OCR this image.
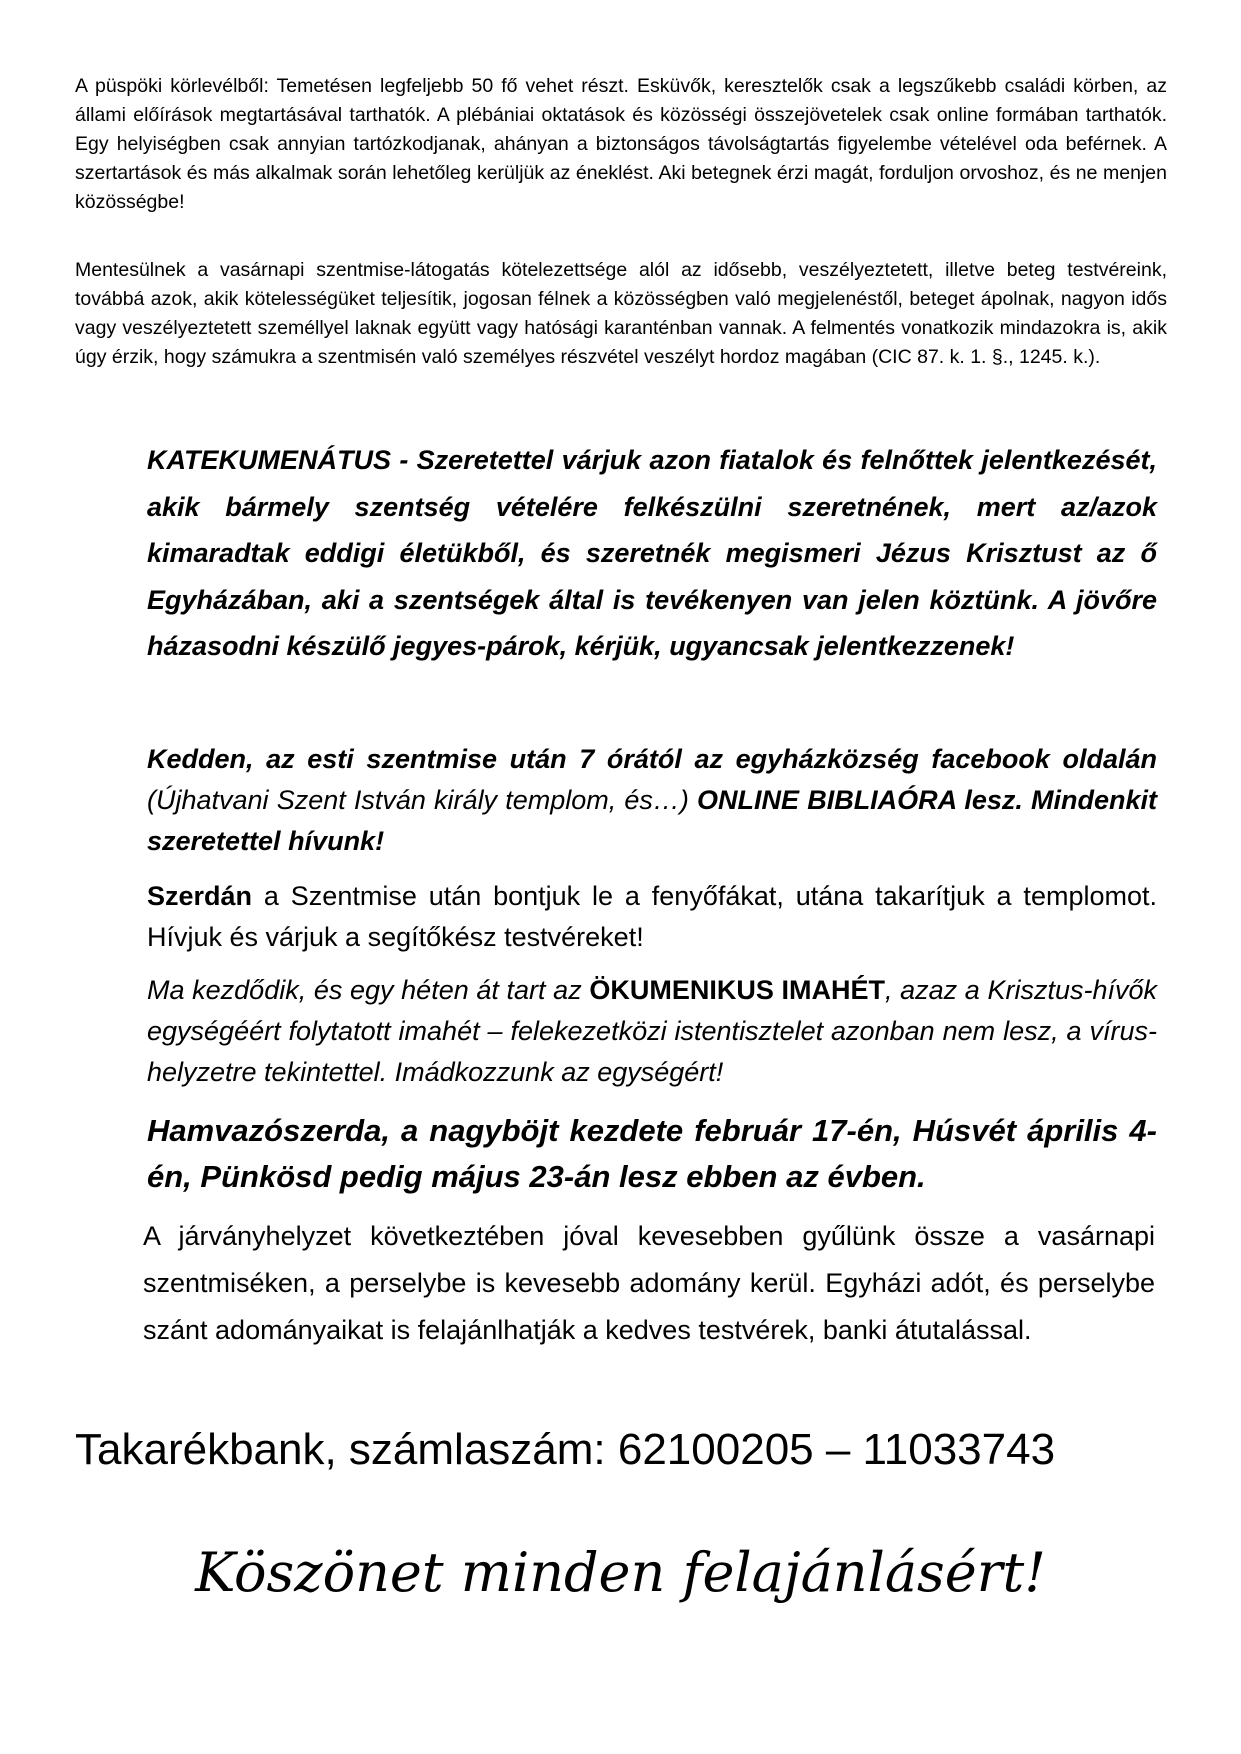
A püspöki körlevélből: Temetésen legfeljebb 50 fő vehet részt. Esküvők, keresztelők csak a legszűkebb családi körben, az állami előírások megtartásával tarthatók. A plébániai oktatások és közösségi összejövetelek csak online formában tarthatók. Egy helyiségben csak annyian tartózkodjanak, ahányan a biztonságos távolságtartás figyelembe vételével oda beférnek. A szertartások és más alkalmak során lehetőleg kerüljük az éneklést. Aki betegnek érzi magát, forduljon orvoshoz, és ne menjen közösségbe!

Mentesülnek a vasárnapi szentmise-látogatás kötelezettsége alól az idősebb, veszélyeztetett, illetve beteg testvéreink, továbbá azok, akik kötelességüket teljesítik, jogosan félnek a közösségben való megjelenéstől, beteget ápolnak, nagyon idős vagy veszélyeztetett személlyel laknak együtt vagy hatósági karanténban vannak. A felmentés vonatkozik mindazokra is, akik úgy érzik, hogy számukra a szentmisén való személyes részvétel veszélyt hordoz magában (CIC 87. k. 1. §., 1245. k.).

KATEKUMENÁTUS - Szeretettel várjuk azon fiatalok és felnőttek jelentkezését, akik bármely szentség vételére felkészülni szeretnének, mert az/azok kimaradtak eddigi életükből, és szeretnék megismeri Jézus Krisztust az ő Egyházában, aki a szentségek által is tevékenyen van jelen köztünk. A jövőre házasodni készülő jegyes-párok, kérjük, ugyancsak jelentkezzenek!

Kedden, az esti szentmise után 7 órától az egyházközség facebook oldalán (Újhatvani Szent István király templom, és…) ONLINE BIBLIAÓRA lesz. Mindenkit szeretettel hívunk!

Szerdán a Szentmise után bontjuk le a fenyőfákat, utána takarítjuk a templomot. Hívjuk és várjuk a segítőkész testvéreket!

Ma kezdődik, és egy héten át tart az ÖKUMENIKUS IMAHÉT, azaz a Krisztus-hívők egységéért folytatott imahét – felekezetközi istentisztelet azonban nem lesz, a vírus-helyzetre tekintettel. Imádkozzunk az egységért!

Hamvazószerda, a nagyböjt kezdete február 17-én, Húsvét április 4-én, Pünkösd pedig május 23-án lesz ebben az évben.

A járványhelyzet következtében jóval kevesebben gyűlünk össze a vasárnapi szentmiséken, a perselybe is kevesebb adomány kerül. Egyházi adót, és perselybe szánt adományaikat is felajánlhatják a kedves testvérek, banki átutalással.

Takarékbank, számlaszám: 62100205 – 11033743

Köszönet minden felajánlásért!
